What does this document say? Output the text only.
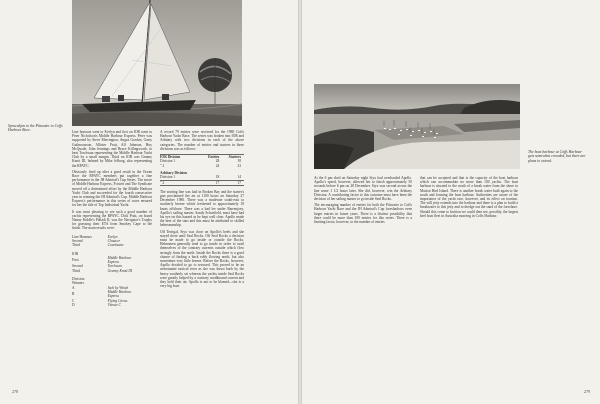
Sprocahjen to the Pittwater to Coffs Harbour Race.	Line honours went to Evelyn and first on IOR went to Peter Nicholson's Middle Harbour Express. Peter was supported by Steve Merrington, Angus Gordon, Garry Guilmousson, Allister Pratt, Alf Johnson, Huy McQuade, John Jennings and Bruce Killingworth, to beat Torchwan representing the Middle Harbour Yacht Club by a small margin. Third on IOR was Granny Knott III, helmed by Mike Jelborg, also representing the RPAYC.

Obviously fired up after a good result in the Ocean Race the RPAYC members put together a fine performance in the JH Admiral's Cup Series. The move of Middle Harbour Express, Fcisteri and The Syndicate moved off a determined effort by the Middle Harbour Yacht Club and succeeded for the fourth consecutive year in winning the JH Admiral's Cup. Middle Harbour Express's performance in this series of races ensured for her the title of Top Individual Yacht.

It was most pleasing to see such a good number of yachts representing the RPAYC. Dick Pratt, on board Nanny Kiddle's Palladi II, was the Navigator's Trophy for guessing their ETA from Smokey Cape to the finish. The main results were:

Line Honours	Evelyn
Second	Chaucer
Third	Courtisane

IOR	
First	Middle Harbour Express
Second	Torchwan
Third	Granny Knott III

Division Winners	
A	Inch by Winch
B	Middle Harbour Express
C	Flying Circus
D	Vitesse C

A record 79 entries were received for the 1980 Coffs Harbour Yacht Race. The series was broken into IOR and Arbitary with two divisions in each of the above categories. The number of entries and starters in these divisions was as follows:

IOR Division	Entries	Starters
Division 1	28	18
" 2	24	23

Arbitary Division		
Division 1	18	14
" 2	17	17

The starting line was laid in Broken Bay and the starter's gun proclaimed the art at 1100 hours on Saturday 27 December 1980. There was a moderate south-east to southerly breeze which freshened to approximately 18 knots offshore. There was a bad lee under Barrenjoey. Apollo's sailing master, Sandy Schoefield, must have had his eye on this hazard as he kept well clear. Apollo made the best of the start and this must be attributed to skilled helmsmanship.

Off Terrigal, Styx was close on Apollo's heels and she stayed there until Seal Rocks. Off Seal Rocks a decision must be made to go inside or outside the Rocks. Helmsmen generally tend to go inside in order to avail themselves of the contrary currents outside which flow strongly from the north. Inside the Rocks there is a good chance of finding a back eddy flowing north, but also sometimes very little breeze. Before the Rocks, however, Apollo decided to go to seaward. This proved to be an unfortunate tactical error as she was thrust back by the heavy southerly set whereas the yachts inside Seal Rocks were greatly helped by a contrary northbound current and they held their air. Apollo is not to be blamed—she is a very big boat.

278
The boat harbour at Coffs Harbour gets somewhat crowded, but there are plans to extend.

At the 6 pm sked on Saturday night Styx had overhauled Apollo. Apollo's speed, however, allowed her to finish approximately 50 seconds before 6 pm on 28 December. Styx was second across the line some 1 1/2 hours later. She did, however, win the Arbitary Division. A contributing factor to this outcome must have been the decision of her sailing master to go inside Seal Rocks.

The encouraging number of entries for both the Pittwater to Coffs Harbour Yacht Race and the JH Admiral's Cup foreshadows even larger entries in future years. There is a distinct possibility that there could be more than 100 entries for this series. There is a limiting factor, however, to the number of entries

that can be accepted and that is the capacity of the boat harbour which can accommodate no more than 100 yachts. The boat harbour is situated to the south of a break water from the shore to Mutton Bird Island. There is another break water built again to the south and forming the boat harbour. Authorities are aware of the importance of the yacht race, however, and its effect on tourism. The still jetty extends into the harbour and there is a plan to build a breakwater to this jetty and to dredge out the sand of the foreshore. Should this come to fruition we could then see, possibly, the largest keel boat fleet in Australia mooring in Coffs Harbour.

279
